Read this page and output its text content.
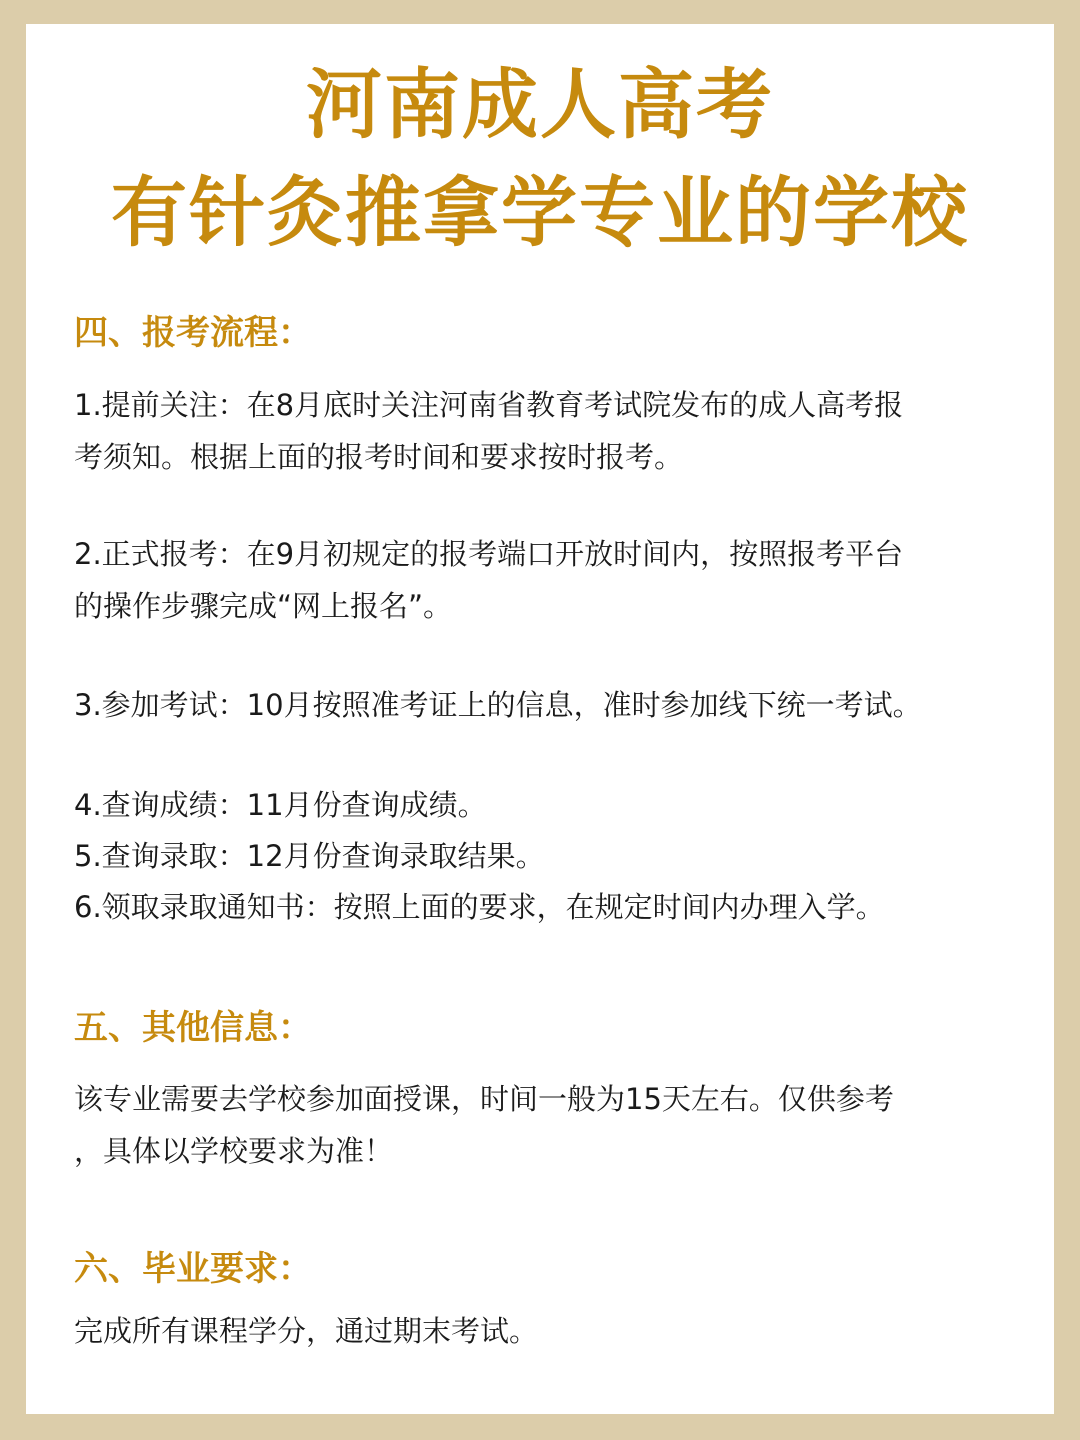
河南成人高考
有针灸推拿学专业的学校
四、报考流程：

1.提前关注：在8月底时关注河南省教育考试院发布的成人高考报

考须知。根据上面的报考时间和要求按时报考。

2.正式报考：在9月初规定的报考端口开放时间内，按照报考平台

的操作步骤完成“网上报名”。

3.参加考试：10月按照准考证上的信息，准时参加线下统一考试。

4.查询成绩：11月份查询成绩。

5.查询录取：12月份查询录取结果。

6.领取录取通知书：按照上面的要求，在规定时间内办理入学。

五、其他信息：

该专业需要去学校参加面授课，时间一般为15天左右。仅供参考

，具体以学校要求为准！

六、毕业要求：

完成所有课程学分，通过期末考试。
